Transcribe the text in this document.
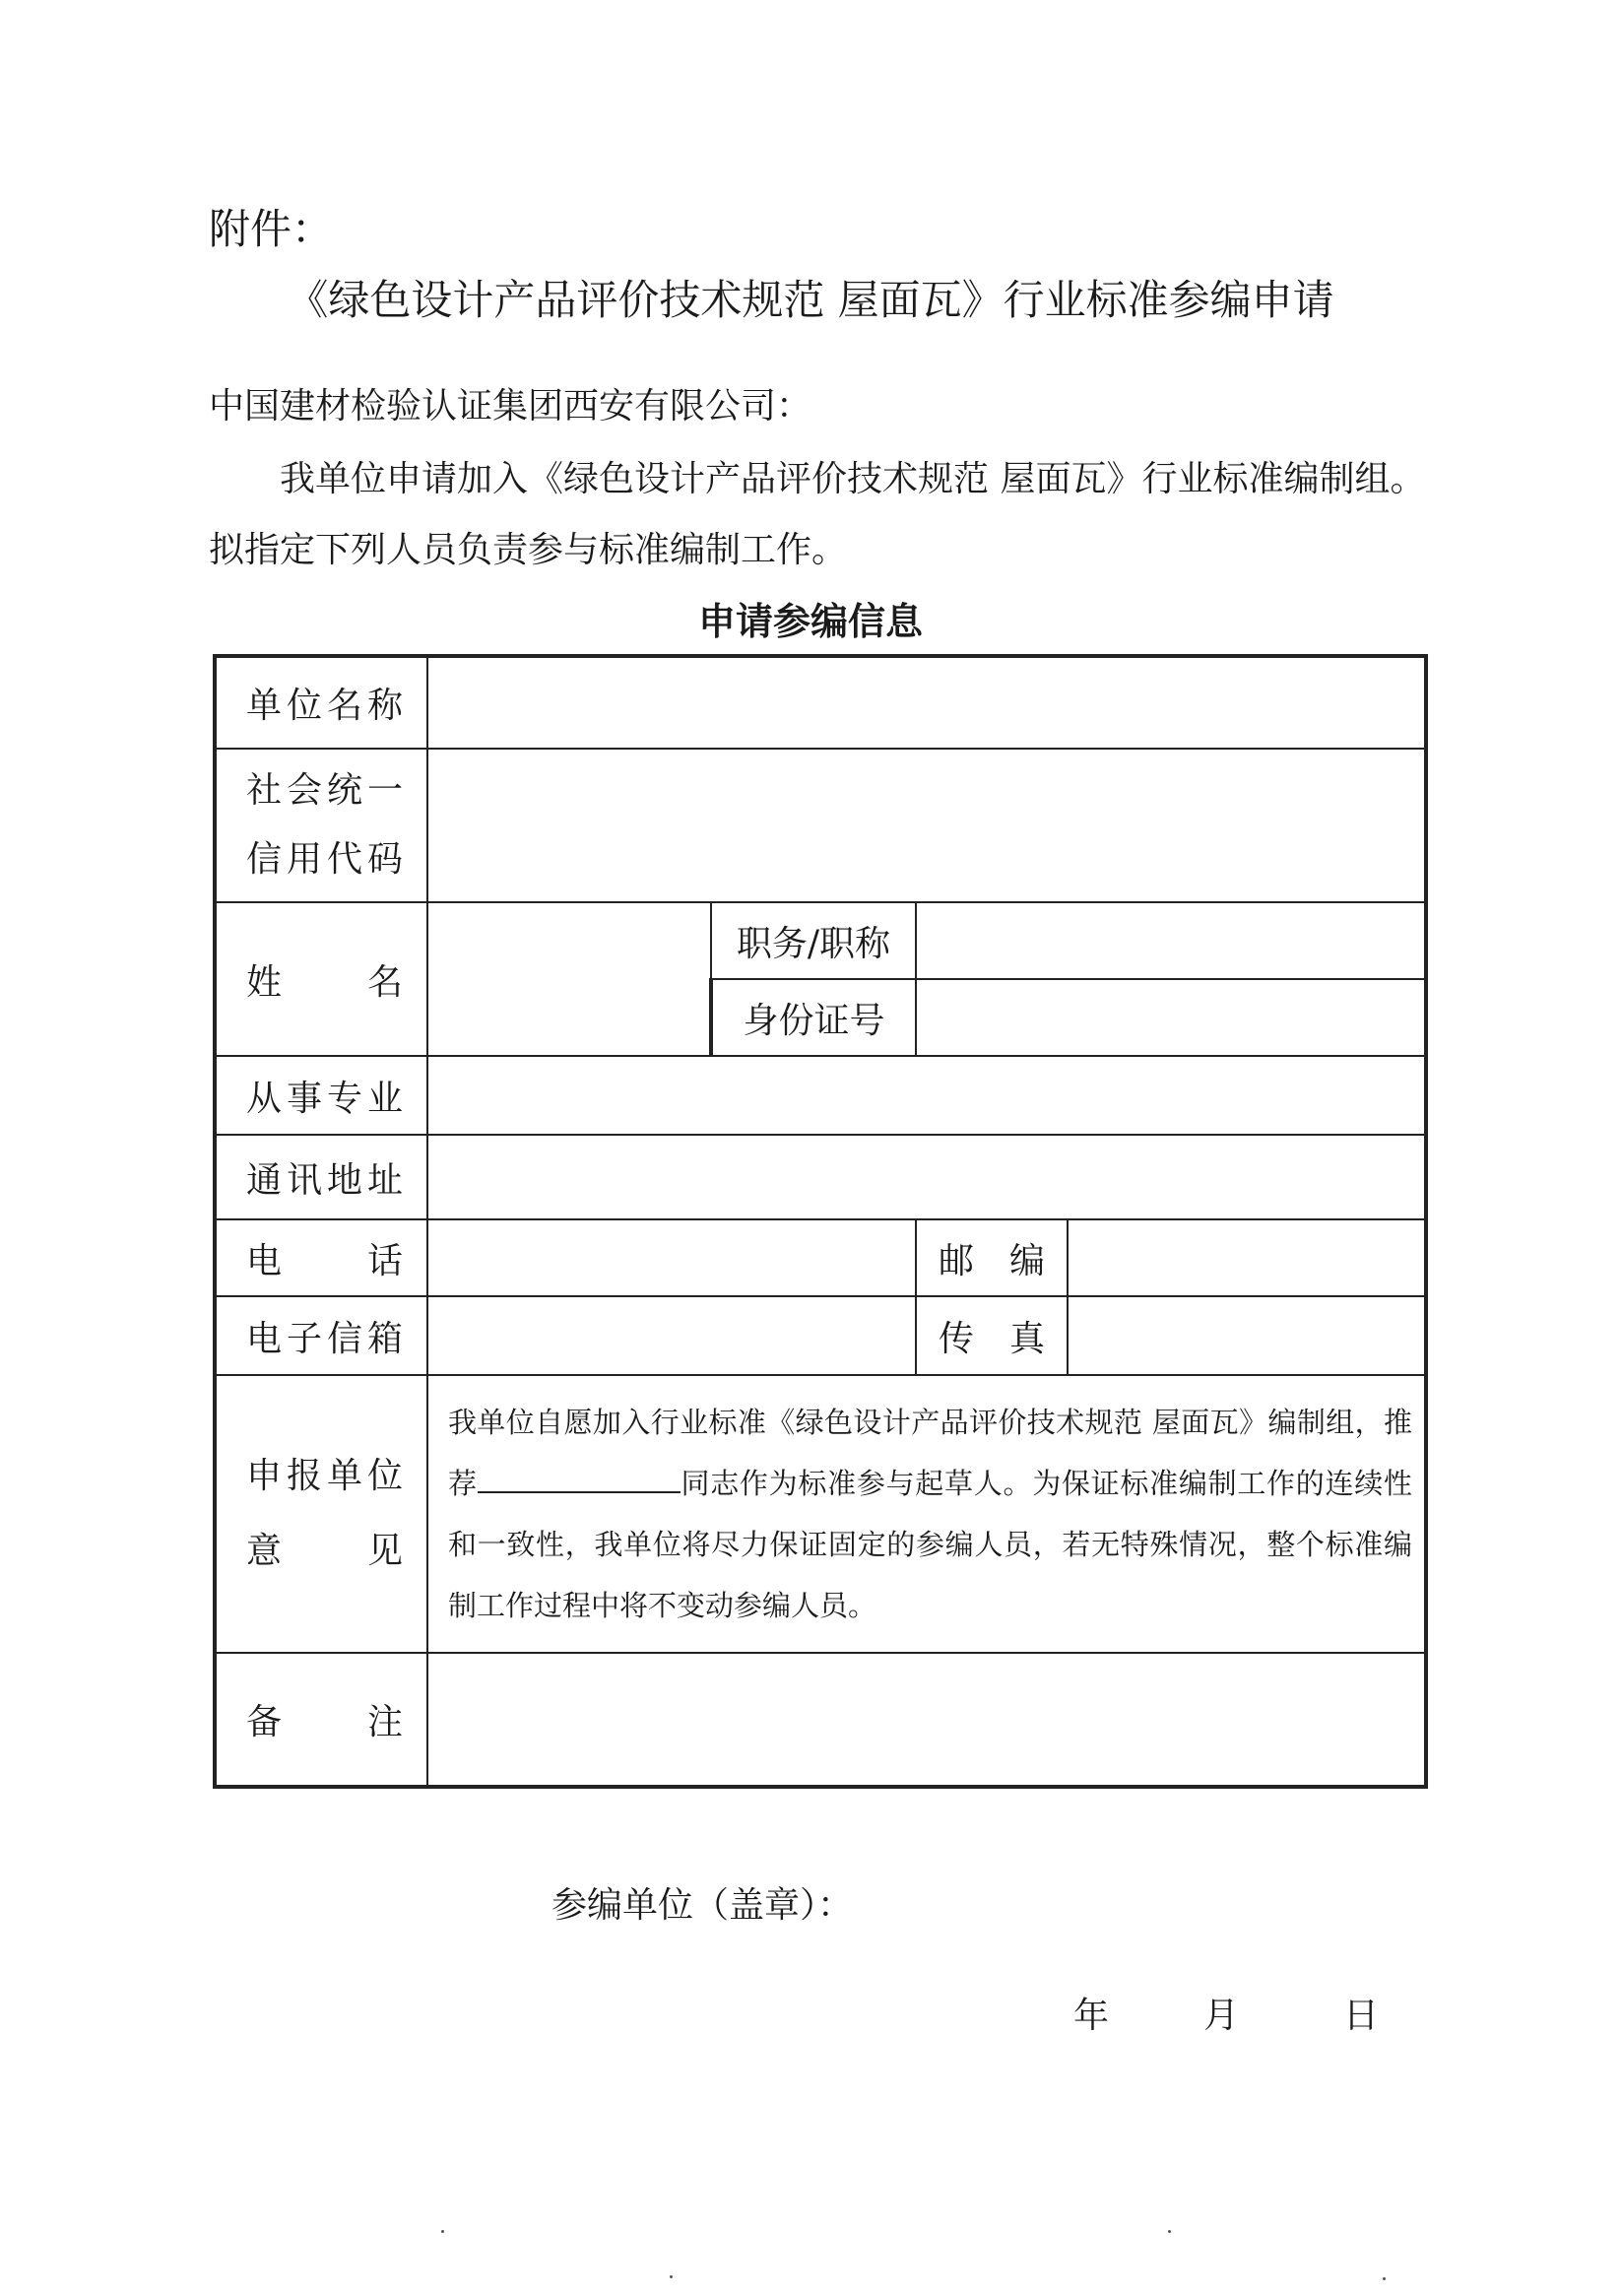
附件：
《绿色设计产品评价技术规范 屋面瓦》行业标准参编申请
中国建材检验认证集团西安有限公司：
我单位申请加入《绿色设计产品评价技术规范 屋面瓦》行业标准编制组。
拟指定下列人员负责参与标准编制工作。
申请参编信息
单位名称				

社会统一
信用代码				

姓　　名		职务/职称		
		身份证号		

从事专业				

通讯地址				

电　　话			邮　编	

电子信箱			传　真	

申报单位
意　　见	我单位自愿加入行业标准《绿色设计产品评价技术规范 屋面瓦》编制组，推荐 同志作为标准参与起草人。为保证标准编制工作的连续性和一致性，我单位将尽力保证固定的参编人员，若无特殊情况，整个标准编制工作过程中将不变动参编人员。			

备　　注				

参编单位（盖章）：
年	月	日
